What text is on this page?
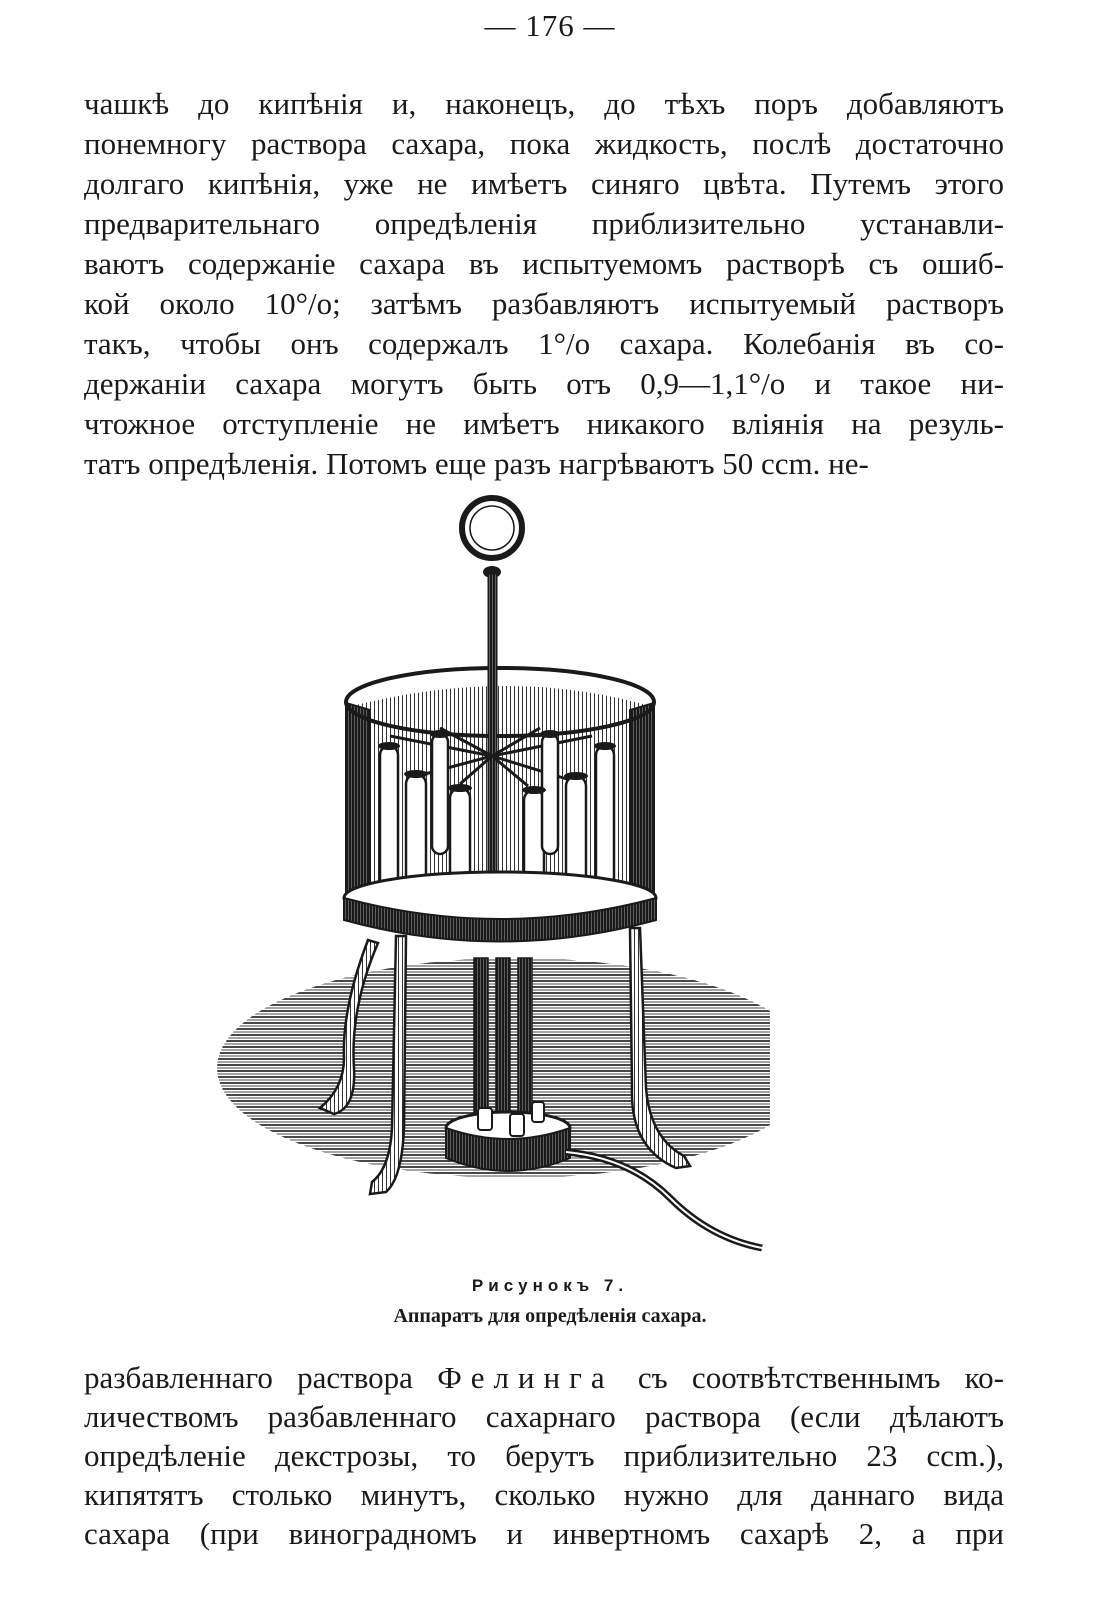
— 176 —
чашкѣ до кипѣнія и, наконецъ, до тѣхъ поръ добавляютъ
понемногу раствора сахара, пока жидкость, послѣ достаточно
долгаго кипѣнія, уже не имѣетъ синяго цвѣта. Путемъ этого
предварительнаго опредѣленія приблизительно устанавли-
ваютъ содержаніе сахара въ испытуемомъ растворѣ съ ошиб-
кой около 10°/o; затѣмъ разбавляютъ испытуемый растворъ
такъ, чтобы онъ содержалъ 1°/o сахара. Колебанія въ со-
держаніи сахара могутъ быть отъ 0,9—1,1°/o и такое ни-
чтожное отступленіе не имѣетъ никакого вліянія на резуль-
татъ опредѣленія. Потомъ еще разъ нагрѣваютъ 50 ccm. не-
Рисунокъ 7.
Аппаратъ для опредѣленія сахара.
разбавленнаго раствора Фелинга съ соотвѣтственнымъ ко-
личествомъ разбавленнаго сахарнаго раствора (если дѣлаютъ
опредѣленіе декстрозы, то берутъ приблизительно 23 ccm.),
кипятятъ столько минутъ, сколько нужно для даннаго вида
сахара (при виноградномъ и инвертномъ сахарѣ 2, а при
